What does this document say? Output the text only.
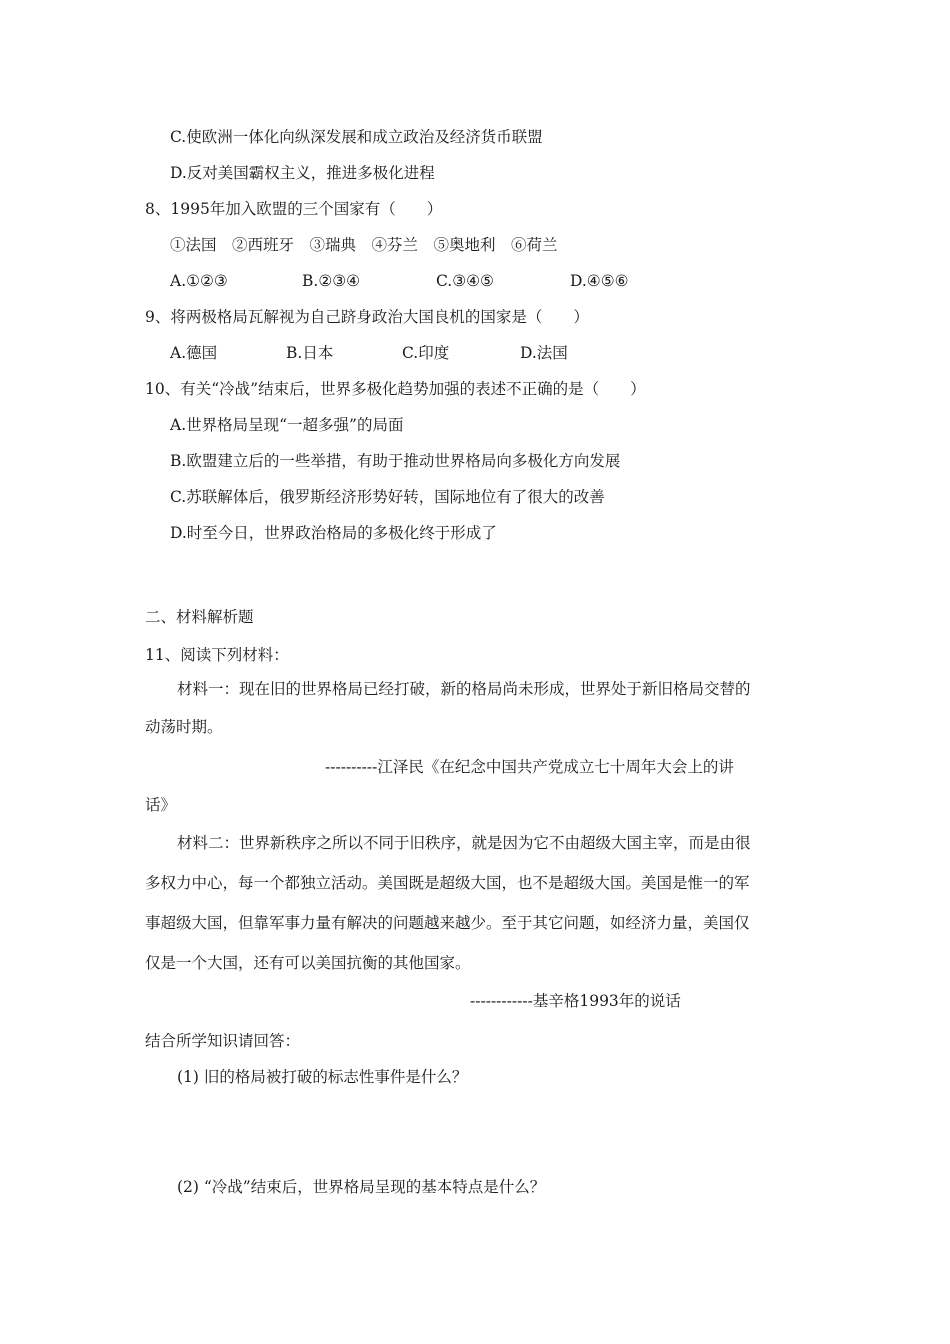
C.使欧洲一体化向纵深发展和成立政治及经济货币联盟
D.反对美国霸权主义，推进多极化进程
8、1995年加入欧盟的三个国家有（　　）
①法国　②西班牙　③瑞典　④芬兰　⑤奥地利　⑥荷兰
A.①②③	B.②③④	C.③④⑤	D.④⑤⑥
9、将两极格局瓦解视为自己跻身政治大国良机的国家是（　　）
A.德国	B.日本	C.印度	D.法国
10、有关“冷战”结束后，世界多极化趋势加强的表述不正确的是（　　）
A.世界格局呈现“一超多强”的局面
B.欧盟建立后的一些举措，有助于推动世界格局向多极化方向发展
C.苏联解体后，俄罗斯经济形势好转，国际地位有了很大的改善
D.时至今日，世界政治格局的多极化终于形成了
二、材料解析题
11、阅读下列材料：
材料一：现在旧的世界格局已经打破，新的格局尚未形成，世界处于新旧格局交替的
动荡时期。
----------江泽民《在纪念中国共产党成立七十周年大会上的讲
话》
材料二：世界新秩序之所以不同于旧秩序，就是因为它不由超级大国主宰，而是由很
多权力中心，每一个都独立活动。美国既是超级大国，也不是超级大国。美国是惟一的军
事超级大国，但靠军事力量有解决的问题越来越少。至于其它问题，如经济力量，美国仅
仅是一个大国，还有可以美国抗衡的其他国家。
------------基辛格1993年的说话
结合所学知识请回答：
(1) 旧的格局被打破的标志性事件是什么？
(2) “冷战”结束后，世界格局呈现的基本特点是什么？
